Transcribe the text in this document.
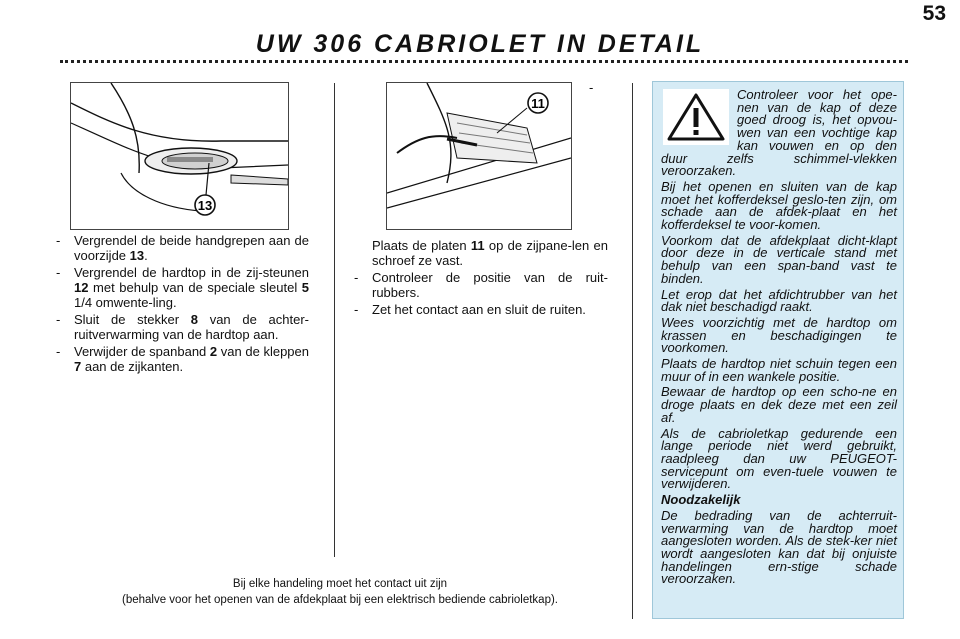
53
UW 306 CABRIOLET IN DETAIL
13
11
-
- Vergrendel de beide handgrepen aan de voorzijde 13.
- Vergrendel de hardtop in de zij-steunen 12 met behulp van de speciale sleutel 5 1/4 omwente-ling.
- Sluit de stekker 8 van de achter-ruitverwarming van de hardtop aan.
- Verwijder de spanband 2 van de kleppen 7 aan de zijkanten.
Plaats de platen 11 op de zijpane-len en schroef ze vast.
- Controleer de positie van de ruit-rubbers.
- Zet het contact aan en sluit de ruiten.

Controleer voor het ope-nen van de kap of deze goed droog is, het opvou-wen van een vochtige kap kan vouwen en op den duur zelfs schimmel-vlekken veroorzaken.

Bij het openen en sluiten van de kap moet het kofferdeksel geslo-ten zijn, om schade aan de afdek-plaat en het kofferdeksel te voor-komen.

Voorkom dat de afdekplaat dicht-klapt door deze in de verticale stand met behulp van een span-band vast te binden.

Let erop dat het afdichtrubber van het dak niet beschadigd raakt.

Wees voorzichtig met de hardtop om krassen en beschadigingen te voorkomen.

Plaats de hardtop niet schuin tegen een muur of in een wankele positie.

Bewaar de hardtop op een scho-ne en droge plaats en dek deze met een zeil af.

Als de cabrioletkap gedurende een lange periode niet werd gebruikt, raadpleeg dan uw PEUGEOT-servicepunt om even-tuele vouwen te verwijderen.

Noodzakelijk

De bedrading van de achterruit-verwarming van de hardtop moet aangesloten worden. Als de stek-ker niet wordt aangesloten kan dat bij onjuiste handelingen ern-stige schade veroorzaken.

Bij elke handeling moet het contact uit zijn
(behalve voor het openen van de afdekplaat bij een elektrisch bediende cabrioletkap).
